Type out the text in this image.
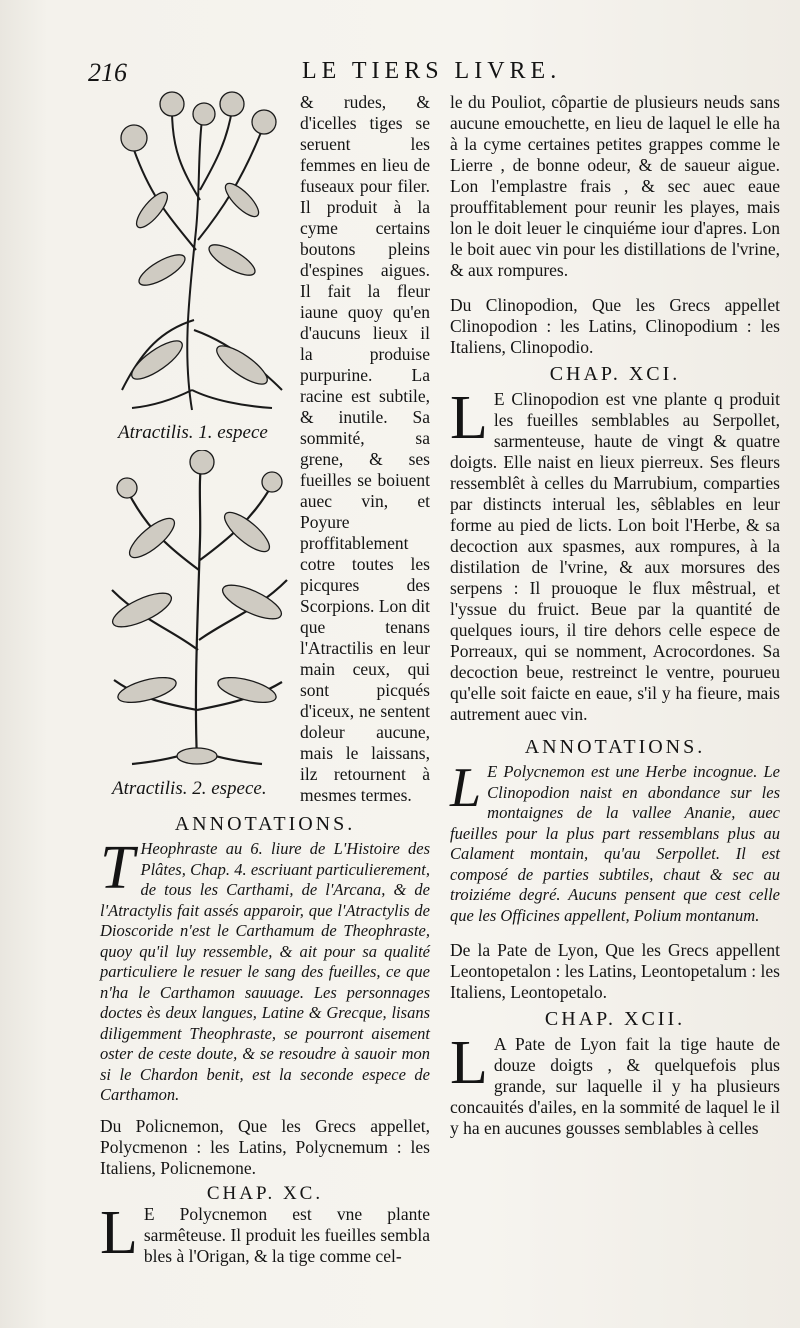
216	LE TIERS LIVRE.
Atractilis. 1. espece
Atractilis. 2. espece.

& rudes, & d'icelles tiges se seruent les femmes en lieu de fuseaux pour filer. Il produit à la cyme certains boutons pleins d'espines aigues. Il fait la fleur iaune quoy qu'en d'aucuns lieux il la produise purpurine. La racine est subtile, & inutile. Sa sommité, sa grene, & ses fueilles se boiuent auec vin, et Poyure proffitablement cotre toutes les picqures des Scorpions. Lon dit que tenans l'Atractilis en leur main ceux, qui sont picqués d'iceux, ne sentent doleur aucune, mais le laissans, ilz retournent à mesmes termes.

ANNOTATIONS.

T Heophraste au 6. liure de L'Histoire des Plâtes, Chap. 4. escriuant particulierement, de tous les Carthami, de l'Arcana, & de l'Atractylis fait assés apparoir, que l'Atractylis de Dioscoride n'est le Carthamum de Theophraste, quoy qu'il luy ressemble, & ait pour sa qualité particuliere le resuer le sang des fueilles, ce que n'ha le Carthamon sauuage. Les personnages doctes ès deux langues, Latine & Grecque, lisans diligemment Theophraste, se pourront aisement oster de ceste doute, & se resoudre à sauoir mon si le Chardon benit, est la seconde espece de Carthamon.

Du Policnemon, Que les Grecs appellet, Polycmenon : les Latins, Polycnemum : les Italiens, Policnemone.

CHAP. XC.

L E Polycnemon est vne plante sarmêteuse. Il produit les fueilles sembla bles à l'Origan, & la tige comme cel-

le du Pouliot, côpartie de plusieurs neuds sans aucune emouchette, en lieu de laquel le elle ha à la cyme certaines petites grappes comme le Lierre , de bonne odeur, & de saueur aigue. Lon l'emplastre frais , & sec auec eaue prouffitablement pour reunir les playes, mais lon le doit leuer le cinquiéme iour d'apres. Lon le boit auec vin pour les distillations de l'vrine, & aux rompures.

Du Clinopodion, Que les Grecs appellet Clinopodion : les Latins, Clinopodium : les Italiens, Clinopodio.

CHAP. XCI.

L E Clinopodion est vne plante q produit les fueilles semblables au Serpollet, sarmenteuse, haute de vingt & quatre doigts. Elle naist en lieux pierreux. Ses fleurs ressemblêt à celles du Marrubium, comparties par distincts interual les, sêblables en leur forme au pied de licts. Lon boit l'Herbe, & sa decoction aux spasmes, aux rompures, à la distilation de l'vrine, & aux morsures des serpens : Il prouoque le flux mêstrual, et l'yssue du fruict. Beue par la quantité de quelques iours, il tire dehors celle espece de Porreaux, qui se nomment, Acrocordones. Sa decoction beue, restreinct le ventre, pourueu qu'elle soit faicte en eaue, s'il y ha fieure, mais autrement auec vin.

ANNOTATIONS.

L E Polycnemon est une Herbe incognue. Le Clinopodion naist en abondance sur les montaignes de la vallee Ananie, auec fueilles pour la plus part ressemblans plus au Calament montain, qu'au Serpollet. Il est composé de parties subtiles, chaut & sec au troiziéme degré. Aucuns pensent que cest celle que les Officines appellent, Polium montanum.

De la Pate de Lyon, Que les Grecs appellent Leontopetalon : les Latins, Leontopetalum : les Italiens, Leontopetalo.

CHAP. XCII.

L A Pate de Lyon fait la tige haute de douze doigts , & quelquefois plus grande, sur laquelle il y ha plusieurs concauités d'ailes, en la sommité de laquel le il y ha en aucunes gousses semblables à celles
